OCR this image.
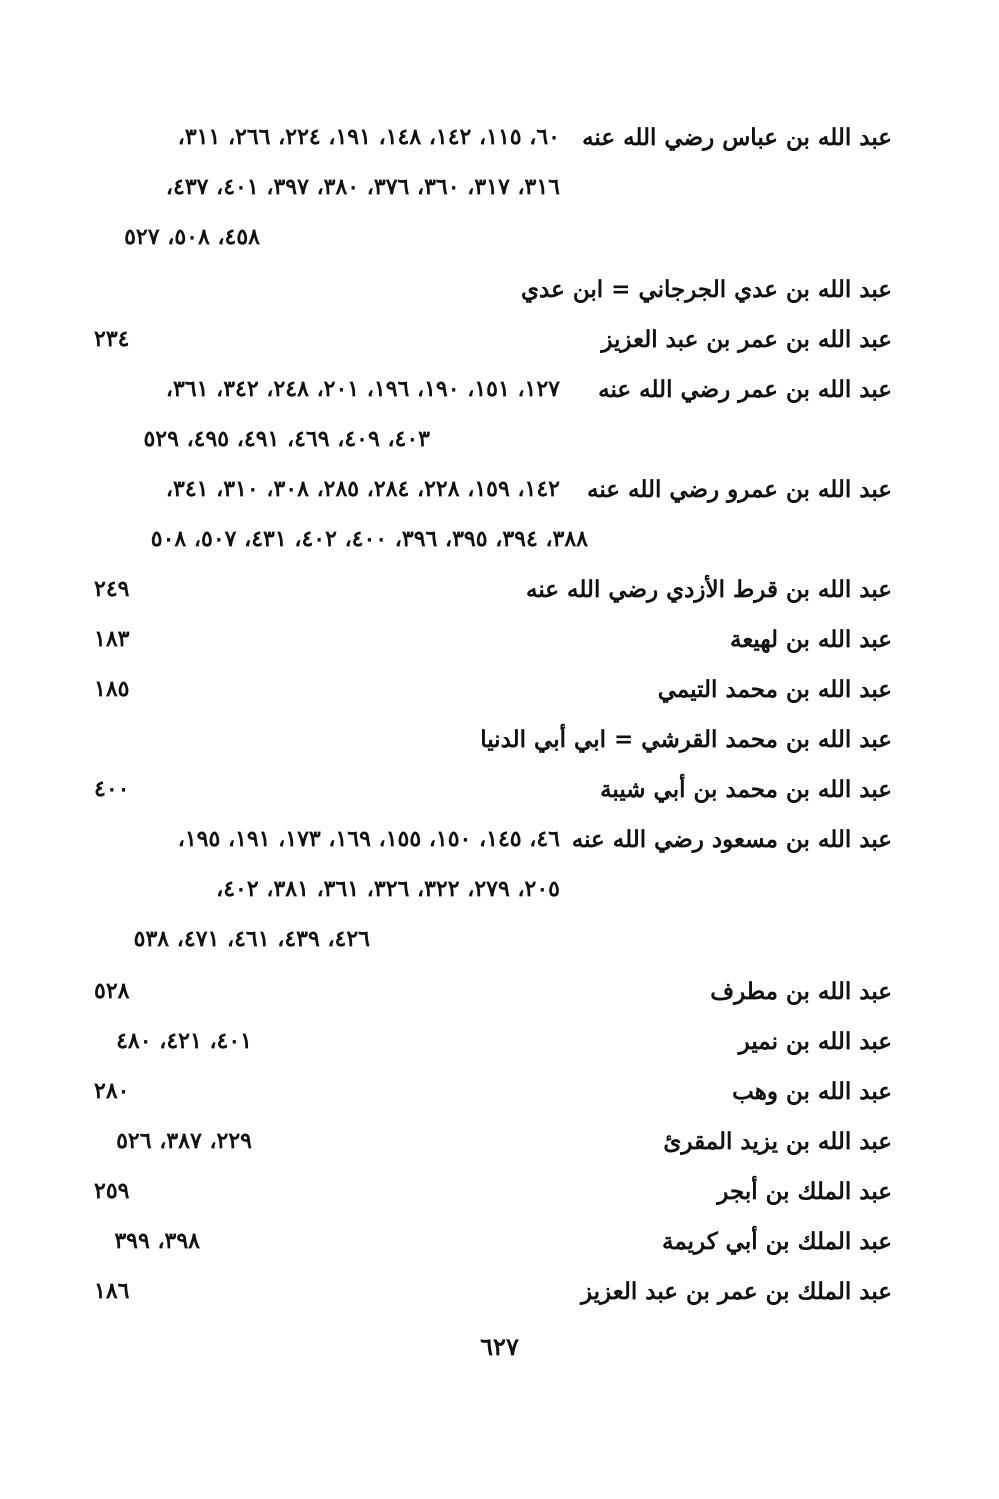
عبد الله بن عباس رضي الله عنه
٦٠، ١١٥، ١٤٢، ١٤٨، ١٩١، ٢٢٤، ٢٦٦، ٣١١،
٣١٦، ٣١٧، ٣٦٠، ٣٧٦، ٣٨٠، ٣٩٧، ٤٠١، ٤٣٧،
٤٥٨، ٥٠٨، ٥٢٧
عبد الله بن عدي الجرجاني = ابن عدي
عبد الله بن عمر بن عبد العزيز
٢٣٤
عبد الله بن عمر رضي الله عنه
١٢٧، ١٥١، ١٩٠، ١٩٦، ٢٠١، ٢٤٨، ٣٤٢، ٣٦١،
٤٠٣، ٤٠٩، ٤٦٩، ٤٩١، ٤٩٥، ٥٢٩
عبد الله بن عمرو رضي الله عنه
١٤٢، ١٥٩، ٢٢٨، ٢٨٤، ٢٨٥، ٣٠٨، ٣١٠، ٣٤١،
٣٨٨، ٣٩٤، ٣٩٥، ٣٩٦، ٤٠٠، ٤٠٢، ٤٣١، ٥٠٧، ٥٠٨
عبد الله بن قرط الأزدي رضي الله عنه
٢٤٩
عبد الله بن لهيعة
١٨٣
عبد الله بن محمد التيمي
١٨٥
عبد الله بن محمد القرشي = ابي أبي الدنيا
عبد الله بن محمد بن أبي شيبة
٤٠٠
عبد الله بن مسعود رضي الله عنه
٤٦، ١٤٥، ١٥٠، ١٥٥، ١٦٩، ١٧٣، ١٩١، ١٩٥،
٢٠٥، ٢٧٩، ٣٢٢، ٣٢٦، ٣٦١، ٣٨١، ٤٠٢،
٤٢٦، ٤٣٩، ٤٦١، ٤٧١، ٥٣٨
عبد الله بن مطرف
٥٢٨
عبد الله بن نمير
٤٠١، ٤٢١، ٤٨٠
عبد الله بن وهب
٢٨٠
عبد الله بن يزيد المقرئ
٢٢٩، ٣٨٧، ٥٢٦
عبد الملك بن أبجر
٢٥٩
عبد الملك بن أبي كريمة
٣٩٨، ٣٩٩
عبد الملك بن عمر بن عبد العزيز
١٨٦
٦٢٧
